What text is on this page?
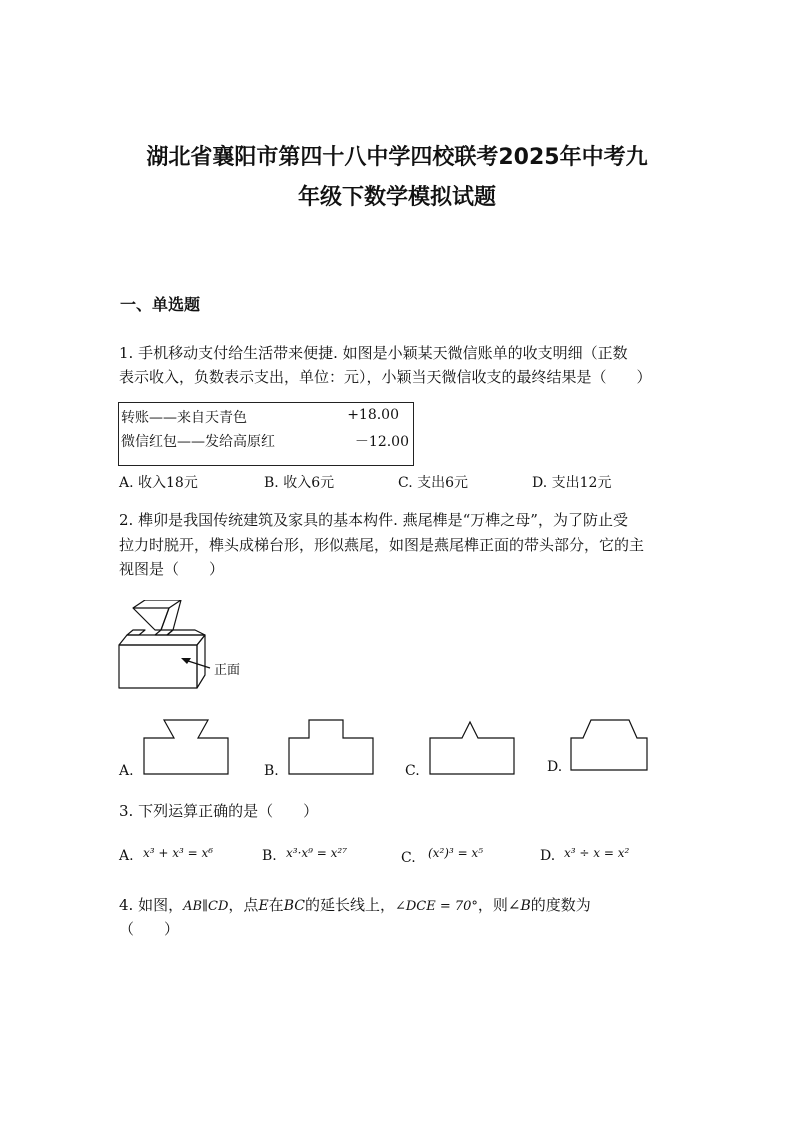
湖北省襄阳市第四十八中学四校联考2025年中考九
年级下数学模拟试题
一、单选题
1. 手机移动支付给生活带来便捷. 如图是小颖某天微信账单的收支明细（正数
表示收入，负数表示支出，单位：元），小颖当天微信收支的最终结果是（　　）
转账——来自天青色	+18.00
微信红包——发给高原红	－12.00
A. 收入18元	B. 收入6元	C. 支出6元	D. 支出12元
2. 榫卯是我国传统建筑及家具的基本构件. 燕尾榫是“万榫之母”，为了防止受
拉力时脱开，榫头成梯台形，形似燕尾，如图是燕尾榫正面的带头部分，它的主
视图是（　　）
正面
A.	B.	C.	D.
3. 下列运算正确的是（　　）
A. x³ + x³ = x⁶	B. x³·x⁹ = x²⁷	C. (x²)³ = x⁵	D. x³ ÷ x = x²
4. 如图，AB∥CD，点E在BC的延长线上，∠DCE = 70°，则∠B的度数为
（　　）
